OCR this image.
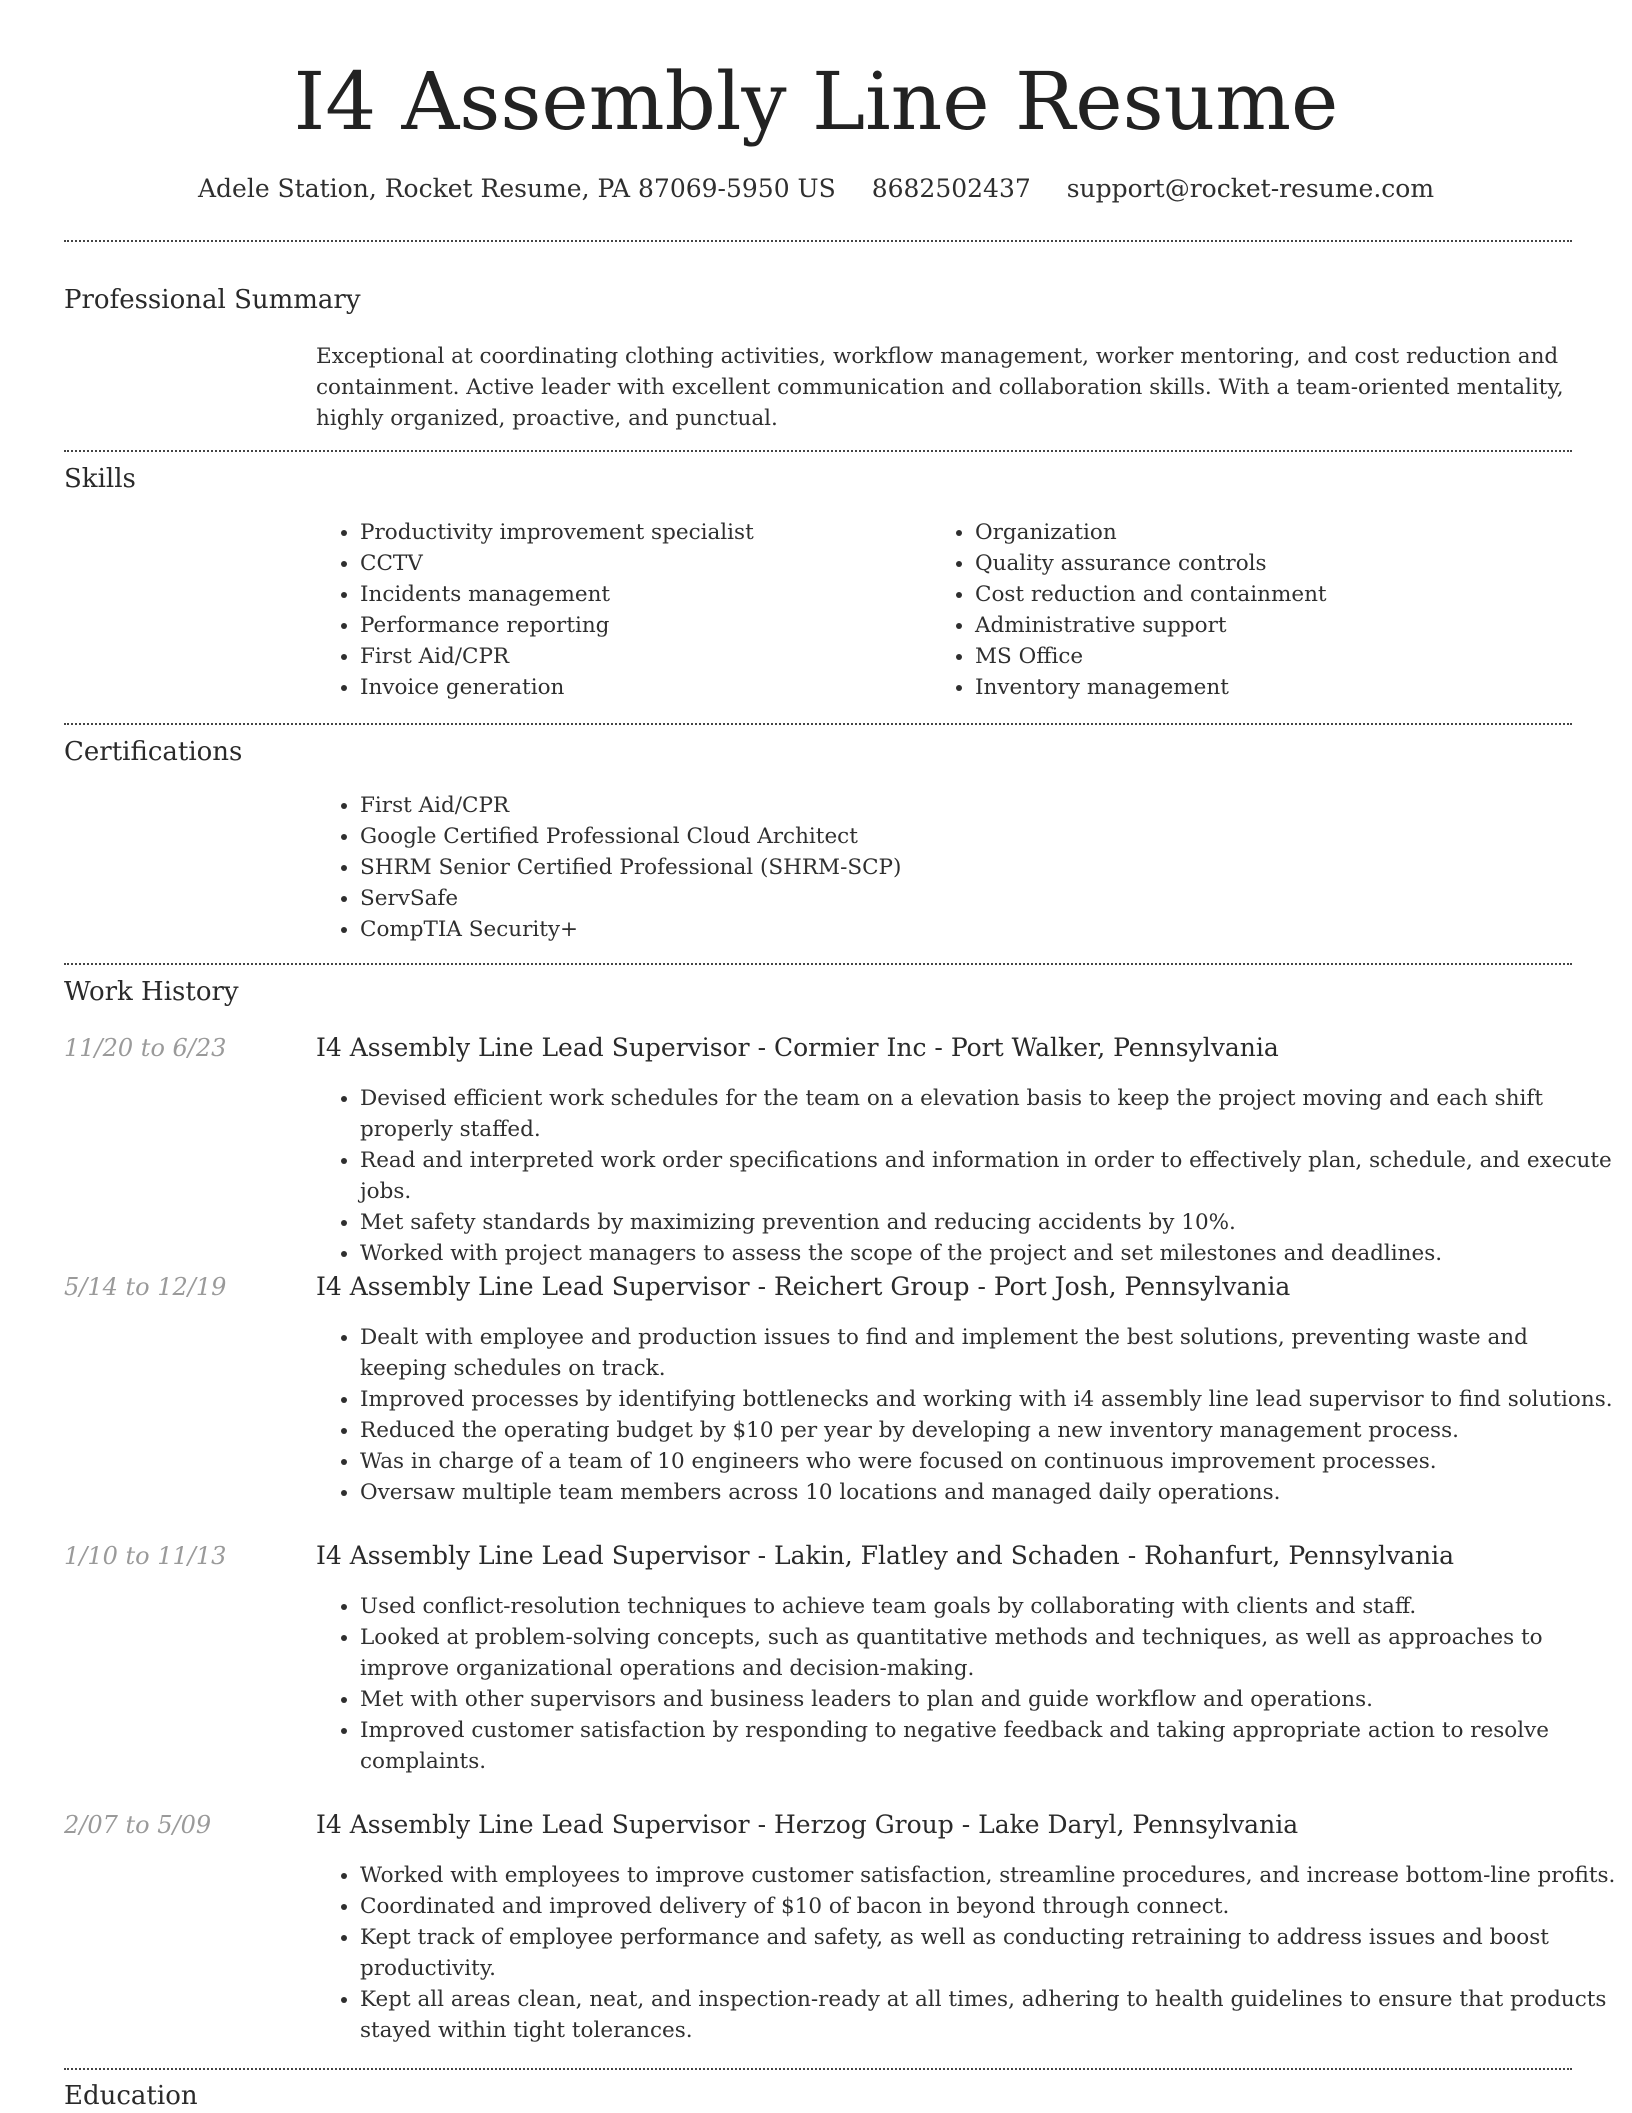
I4 Assembly Line Resume
Adele Station, Rocket Resume, PA 87069-5950 US 8682502437 support@rocket-resume.com
Professional Summary

Exceptional at coordinating clothing activities, workflow management, worker mentoring, and cost reduction and containment. Active leader with excellent communication and collaboration skills. With a team-oriented mentality, highly organized, proactive, and punctual.

Skills
• Productivity improvement specialist
• CCTV
• Incidents management
• Performance reporting
• First Aid/CPR
• Invoice generation
• Organization
• Quality assurance controls
• Cost reduction and containment
• Administrative support
• MS Office
• Inventory management
Certifications
• First Aid/CPR
• Google Certified Professional Cloud Architect
• SHRM Senior Certified Professional (SHRM-SCP)
• ServSafe
• CompTIA Security+
Work History
11/20 to 6/23	I4 Assembly Line Lead Supervisor - Cormier Inc - Port Walker, Pennsylvania
• Devised efficient work schedules for the team on a elevation basis to keep the project moving and each shift properly staffed.
• Read and interpreted work order specifications and information in order to effectively plan, schedule, and execute jobs.
• Met safety standards by maximizing prevention and reducing accidents by 10%.
• Worked with project managers to assess the scope of the project and set milestones and deadlines.
5/14 to 12/19	I4 Assembly Line Lead Supervisor - Reichert Group - Port Josh, Pennsylvania
• Dealt with employee and production issues to find and implement the best solutions, preventing waste and keeping schedules on track.
• Improved processes by identifying bottlenecks and working with i4 assembly line lead supervisor to find solutions.
• Reduced the operating budget by $10 per year by developing a new inventory management process.
• Was in charge of a team of 10 engineers who were focused on continuous improvement processes.
• Oversaw multiple team members across 10 locations and managed daily operations.
1/10 to 11/13	I4 Assembly Line Lead Supervisor - Lakin, Flatley and Schaden - Rohanfurt, Pennsylvania
• Used conflict-resolution techniques to achieve team goals by collaborating with clients and staff.
• Looked at problem-solving concepts, such as quantitative methods and techniques, as well as approaches to improve organizational operations and decision-making.
• Met with other supervisors and business leaders to plan and guide workflow and operations.
• Improved customer satisfaction by responding to negative feedback and taking appropriate action to resolve complaints.
2/07 to 5/09	I4 Assembly Line Lead Supervisor - Herzog Group - Lake Daryl, Pennsylvania
• Worked with employees to improve customer satisfaction, streamline procedures, and increase bottom-line profits.
• Coordinated and improved delivery of $10 of bacon in beyond through connect.
• Kept track of employee performance and safety, as well as conducting retraining to address issues and boost productivity.
• Kept all areas clean, neat, and inspection-ready at all times, adhering to health guidelines to ensure that products stayed within tight tolerances.
Education
